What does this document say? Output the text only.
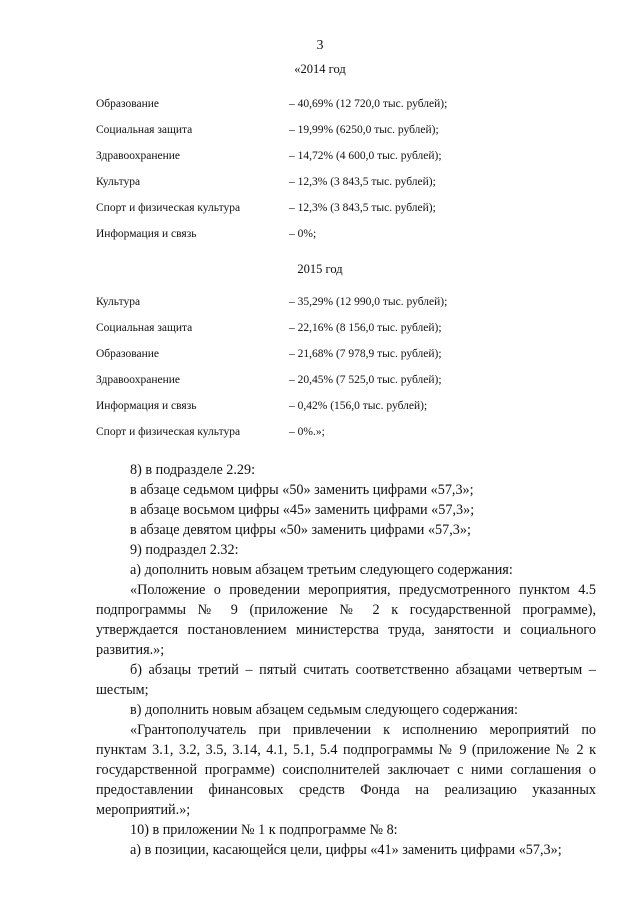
3
«2014 год
Образование	– 40,69% (12 720,0 тыс. рублей);
Социальная защита	– 19,99% (6250,0 тыс. рублей);
Здравоохранение	– 14,72% (4 600,0 тыс. рублей);
Культура	– 12,3% (3 843,5 тыс. рублей);
Спорт и физическая культура	– 12,3% (3 843,5 тыс. рублей);
Информация и связь	– 0%;
2015 год
Культура	– 35,29% (12 990,0 тыс. рублей);
Социальная защита	– 22,16% (8 156,0 тыс. рублей);
Образование	– 21,68% (7 978,9 тыс. рублей);
Здравоохранение	– 20,45% (7 525,0 тыс. рублей);
Информация и связь	– 0,42% (156,0 тыс. рублей);
Спорт и физическая культура	– 0%.»;

8) в подразделе 2.29:

в абзаце седьмом цифры «50» заменить цифрами «57,3»;

в абзаце восьмом цифры «45» заменить цифрами «57,3»;

в абзаце девятом цифры «50» заменить цифрами «57,3»;

9) подраздел 2.32:

а) дополнить новым абзацем третьим следующего содержания:

«Положение о проведении мероприятия, предусмотренного пунктом 4.5 подпрограммы № 9 (приложение № 2 к государственной программе), утверждается постановлением министерства труда, занятости и социального развития.»;

б) абзацы третий – пятый считать соответственно абзацами четвертым – шестым;

в) дополнить новым абзацем седьмым следующего содержания:

«Грантополучатель при привлечении к исполнению мероприятий по пунктам 3.1, 3.2, 3.5, 3.14, 4.1, 5.1, 5.4 подпрограммы № 9 (приложение № 2 к государственной программе) соисполнителей заключает с ними соглашения о предоставлении финансовых средств Фонда на реализацию указанных мероприятий.»;

10) в приложении № 1 к подпрограмме № 8:

а) в позиции, касающейся цели, цифры «41» заменить цифрами «57,3»;
